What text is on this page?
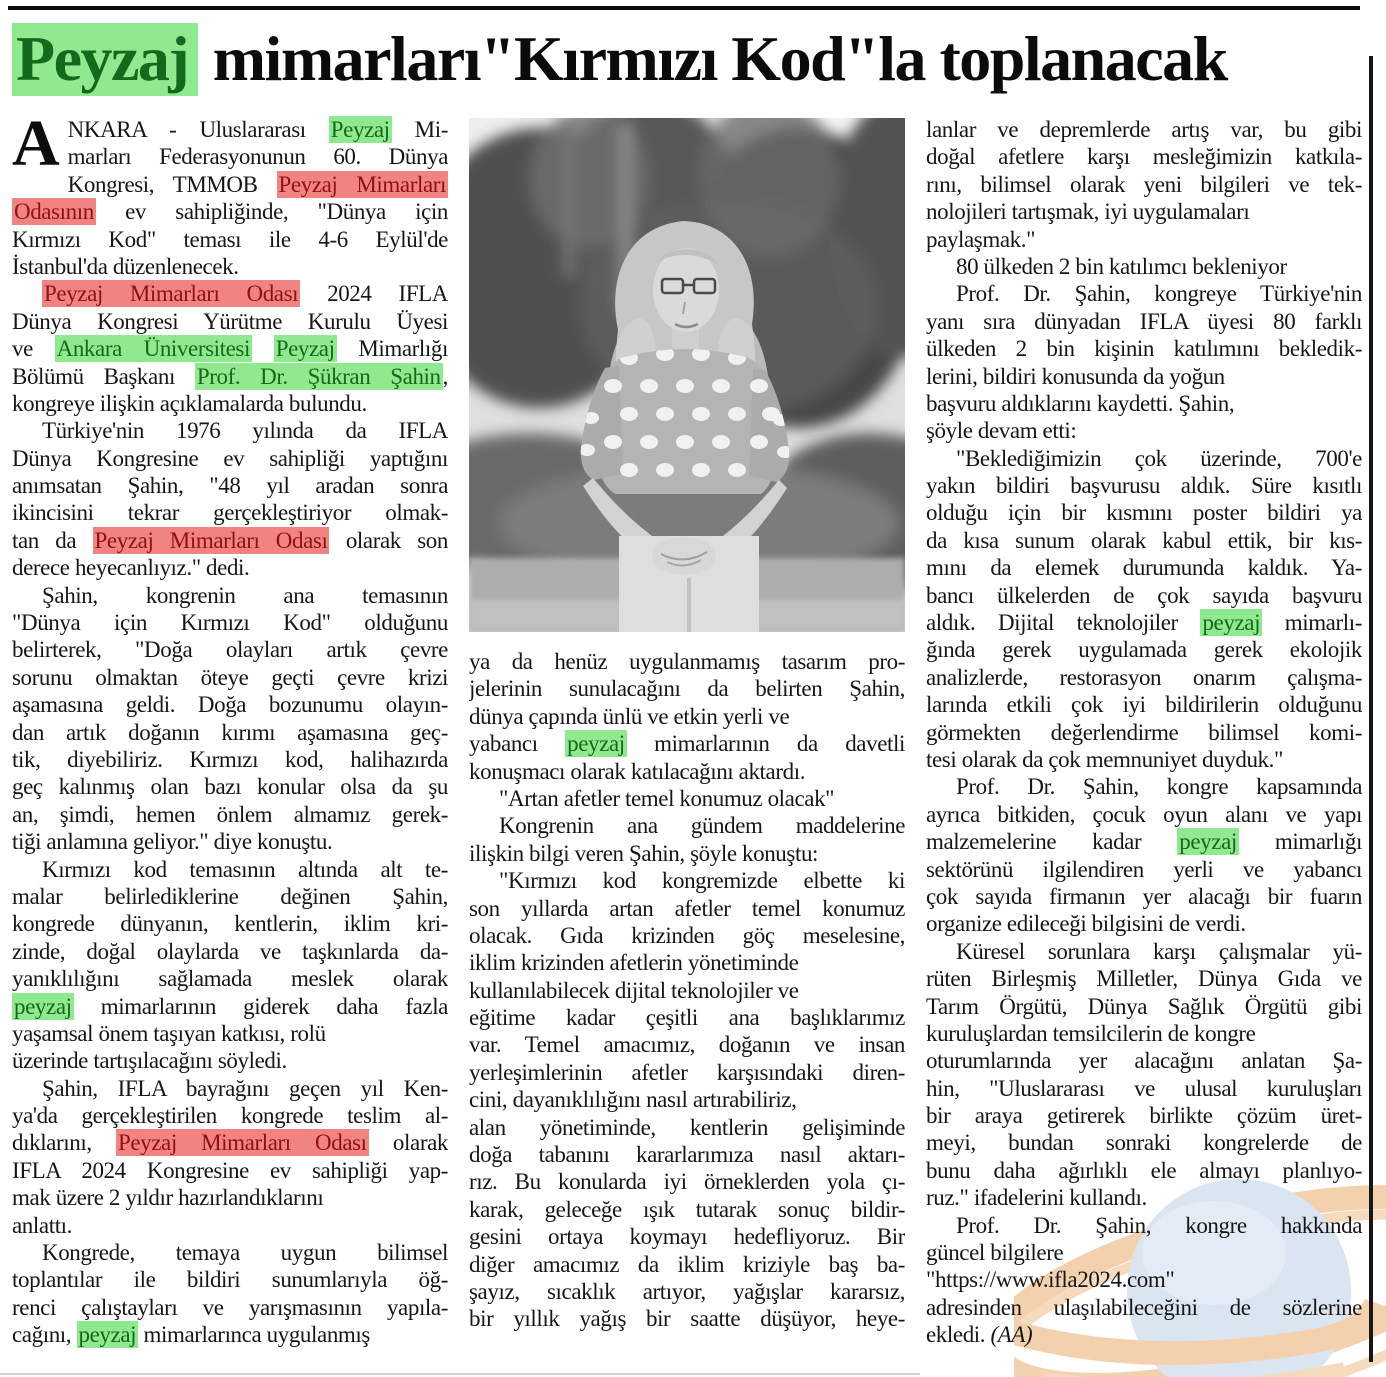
Peyzaj mimarları"Kırmızı Kod"la toplanacak
A NKARA - Uluslararası Peyzaj Mi-
marları Federasyonunun 60. Dünya
Kongresi, TMMOB Peyzaj Mimarları
Odasının ev sahipliğinde, "Dünya için
Kırmızı Kod" teması ile 4-6 Eylül'de
İstanbul'da düzenlenecek.
Peyzaj Mimarları Odası 2024 IFLA
Dünya Kongresi Yürütme Kurulu Üyesi
ve Ankara Üniversitesi Peyzaj Mimarlığı
Bölümü Başkanı Prof. Dr. Şükran Şahin,
kongreye ilişkin açıklamalarda bulundu.
Türkiye'nin 1976 yılında da IFLA
Dünya Kongresine ev sahipliği yaptığını
anımsatan Şahin, "48 yıl aradan sonra
ikincisini tekrar gerçekleştiriyor olmak-
tan da Peyzaj Mimarları Odası olarak son
derece heyecanlıyız." dedi.
Şahin, kongrenin ana temasının
"Dünya için Kırmızı Kod" olduğunu
belirterek, "Doğa olayları artık çevre
sorunu olmaktan öteye geçti çevre krizi
aşamasına geldi. Doğa bozunumu olayın-
dan artık doğanın kırımı aşamasına geç-
tik, diyebiliriz. Kırmızı kod, halihazırda
geç kalınmış olan bazı konular olsa da şu
an, şimdi, hemen önlem almamız gerek-
tiği anlamına geliyor." diye konuştu.
Kırmızı kod temasının altında alt te-
malar belirlediklerine değinen Şahin,
kongrede dünyanın, kentlerin, iklim kri-
zinde, doğal olaylarda ve taşkınlarda da-
yanıklılığını sağlamada meslek olarak
peyzaj mimarlarının giderek daha fazla
yaşamsal önem taşıyan katkısı, rolü
üzerinde tartışılacağını söyledi.
Şahin, IFLA bayrağını geçen yıl Ken-
ya'da gerçekleştirilen kongrede teslim al-
dıklarını, Peyzaj Mimarları Odası olarak
IFLA 2024 Kongresine ev sahipliği yap-
mak üzere 2 yıldır hazırlandıklarını
anlattı.
Kongrede, temaya uygun bilimsel
toplantılar ile bildiri sunumlarıyla öğ-
renci çalıştayları ve yarışmasının yapıla-
cağını, peyzaj mimarlarınca uygulanmış
ya da henüz uygulanmamış tasarım pro-
jelerinin sunulacağını da belirten Şahin,
dünya çapında ünlü ve etkin yerli ve
yabancı peyzaj mimarlarının da davetli
konuşmacı olarak katılacağını aktardı.
"Artan afetler temel konumuz olacak"
Kongrenin ana gündem maddelerine
ilişkin bilgi veren Şahin, şöyle konuştu:
"Kırmızı kod kongremizde elbette ki
son yıllarda artan afetler temel konumuz
olacak. Gıda krizinden göç meselesine,
iklim krizinden afetlerin yönetiminde
kullanılabilecek dijital teknolojiler ve
eğitime kadar çeşitli ana başlıklarımız
var. Temel amacımız, doğanın ve insan
yerleşimlerinin afetler karşısındaki diren-
cini, dayanıklılığını nasıl artırabiliriz,
alan yönetiminde, kentlerin gelişiminde
doğa tabanını kararlarımıza nasıl aktarı-
rız. Bu konularda iyi örneklerden yola çı-
karak, geleceğe ışık tutarak sonuç bildir-
gesini ortaya koymayı hedefliyoruz. Bir
diğer amacımız da iklim kriziyle baş ba-
şayız, sıcaklık artıyor, yağışlar kararsız,
bir yıllık yağış bir saatte düşüyor, heye-
lanlar ve depremlerde artış var, bu gibi
doğal afetlere karşı mesleğimizin katkıla-
rını, bilimsel olarak yeni bilgileri ve tek-
nolojileri tartışmak, iyi uygulamaları
paylaşmak."
80 ülkeden 2 bin katılımcı bekleniyor
Prof. Dr. Şahin, kongreye Türkiye'nin
yanı sıra dünyadan IFLA üyesi 80 farklı
ülkeden 2 bin kişinin katılımını bekledik-
lerini, bildiri konusunda da yoğun
başvuru aldıklarını kaydetti. Şahin,
şöyle devam etti:
"Beklediğimizin çok üzerinde, 700'e
yakın bildiri başvurusu aldık. Süre kısıtlı
olduğu için bir kısmını poster bildiri ya
da kısa sunum olarak kabul ettik, bir kıs-
mını da elemek durumunda kaldık. Ya-
bancı ülkelerden de çok sayıda başvuru
aldık. Dijital teknolojiler peyzaj mimarlı-
ğında gerek uygulamada gerek ekolojik
analizlerde, restorasyon onarım çalışma-
larında etkili çok iyi bildirilerin olduğunu
görmekten değerlendirme bilimsel komi-
tesi olarak da çok memnuniyet duyduk."
Prof. Dr. Şahin, kongre kapsamında
ayrıca bitkiden, çocuk oyun alanı ve yapı
malzemelerine kadar peyzaj mimarlığı
sektörünü ilgilendiren yerli ve yabancı
çok sayıda firmanın yer alacağı bir fuarın
organize edileceği bilgisini de verdi.
Küresel sorunlara karşı çalışmalar yü-
rüten Birleşmiş Milletler, Dünya Gıda ve
Tarım Örgütü, Dünya Sağlık Örgütü gibi
kuruluşlardan temsilcilerin de kongre
oturumlarında yer alacağını anlatan Şa-
hin, "Uluslararası ve ulusal kuruluşları
bir araya getirerek birlikte çözüm üret-
meyi, bundan sonraki kongrelerde de
bunu daha ağırlıklı ele almayı planlıyo-
ruz." ifadelerini kullandı.
Prof. Dr. Şahin, kongre hakkında
güncel bilgilere
"https://www.ifla2024.com"
adresinden ulaşılabileceğini de sözlerine
ekledi. (AA)
